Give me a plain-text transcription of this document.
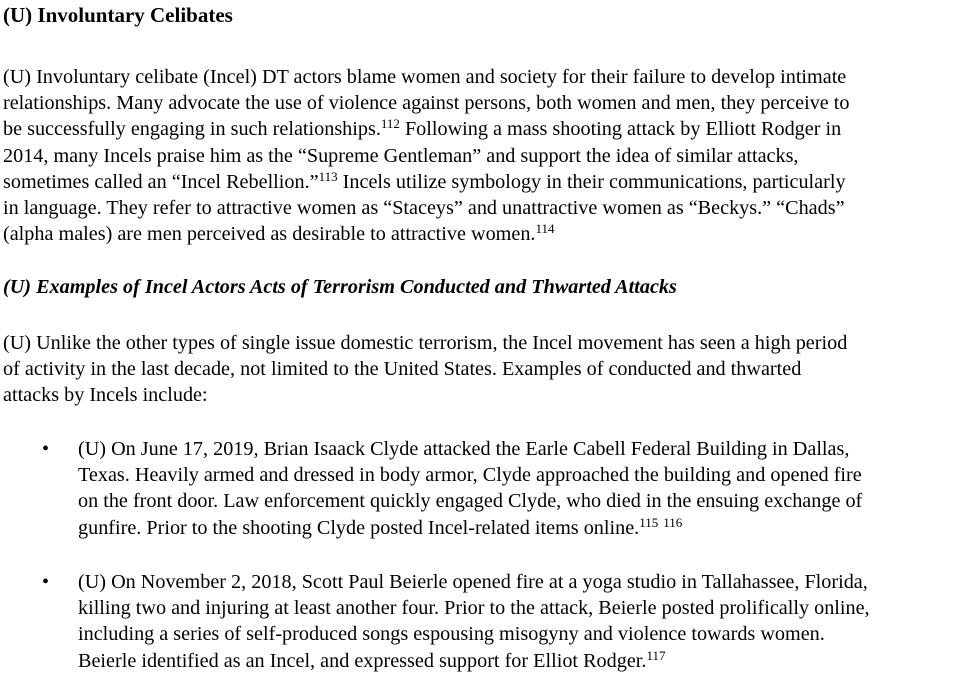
(U) Involuntary Celibates

(U) Involuntary celibate (Incel) DT actors blame women and society for their failure to develop intimate
relationships. Many advocate the use of violence against persons, both women and men, they perceive to
be successfully engaging in such relationships.$^{112}$ Following a mass shooting attack by Elliott Rodger in
2014, many Incels praise him as the “Supreme Gentleman” and support the idea of similar attacks,
sometimes called an “Incel Rebellion.”$^{113}$ Incels utilize symbology in their communications, particularly
in language. They refer to attractive women as “Staceys” and unattractive women as “Beckys.” “Chads”
(alpha males) are men perceived as desirable to attractive women.$^{114}$

(U) Examples of Incel Actors Acts of Terrorism Conducted and Thwarted Attacks

(U) Unlike the other types of single issue domestic terrorism, the Incel movement has seen a high period
of activity in the last decade, not limited to the United States. Examples of conducted and thwarted
attacks by Incels include:

• (U) On June 17, 2019, Brian Isaack Clyde attacked the Earle Cabell Federal Building in Dallas,
Texas. Heavily armed and dressed in body armor, Clyde approached the building and opened fire
on the front door. Law enforcement quickly engaged Clyde, who died in the ensuing exchange of
gunfire. Prior to the shooting Clyde posted Incel-related items online.$^{115}$ $^{116}$
• (U) On November 2, 2018, Scott Paul Beierle opened fire at a yoga studio in Tallahassee, Florida,
killing two and injuring at least another four. Prior to the attack, Beierle posted prolifically online,
including a series of self-produced songs espousing misogyny and violence towards women.
Beierle identified as an Incel, and expressed support for Elliot Rodger.$^{117}$
